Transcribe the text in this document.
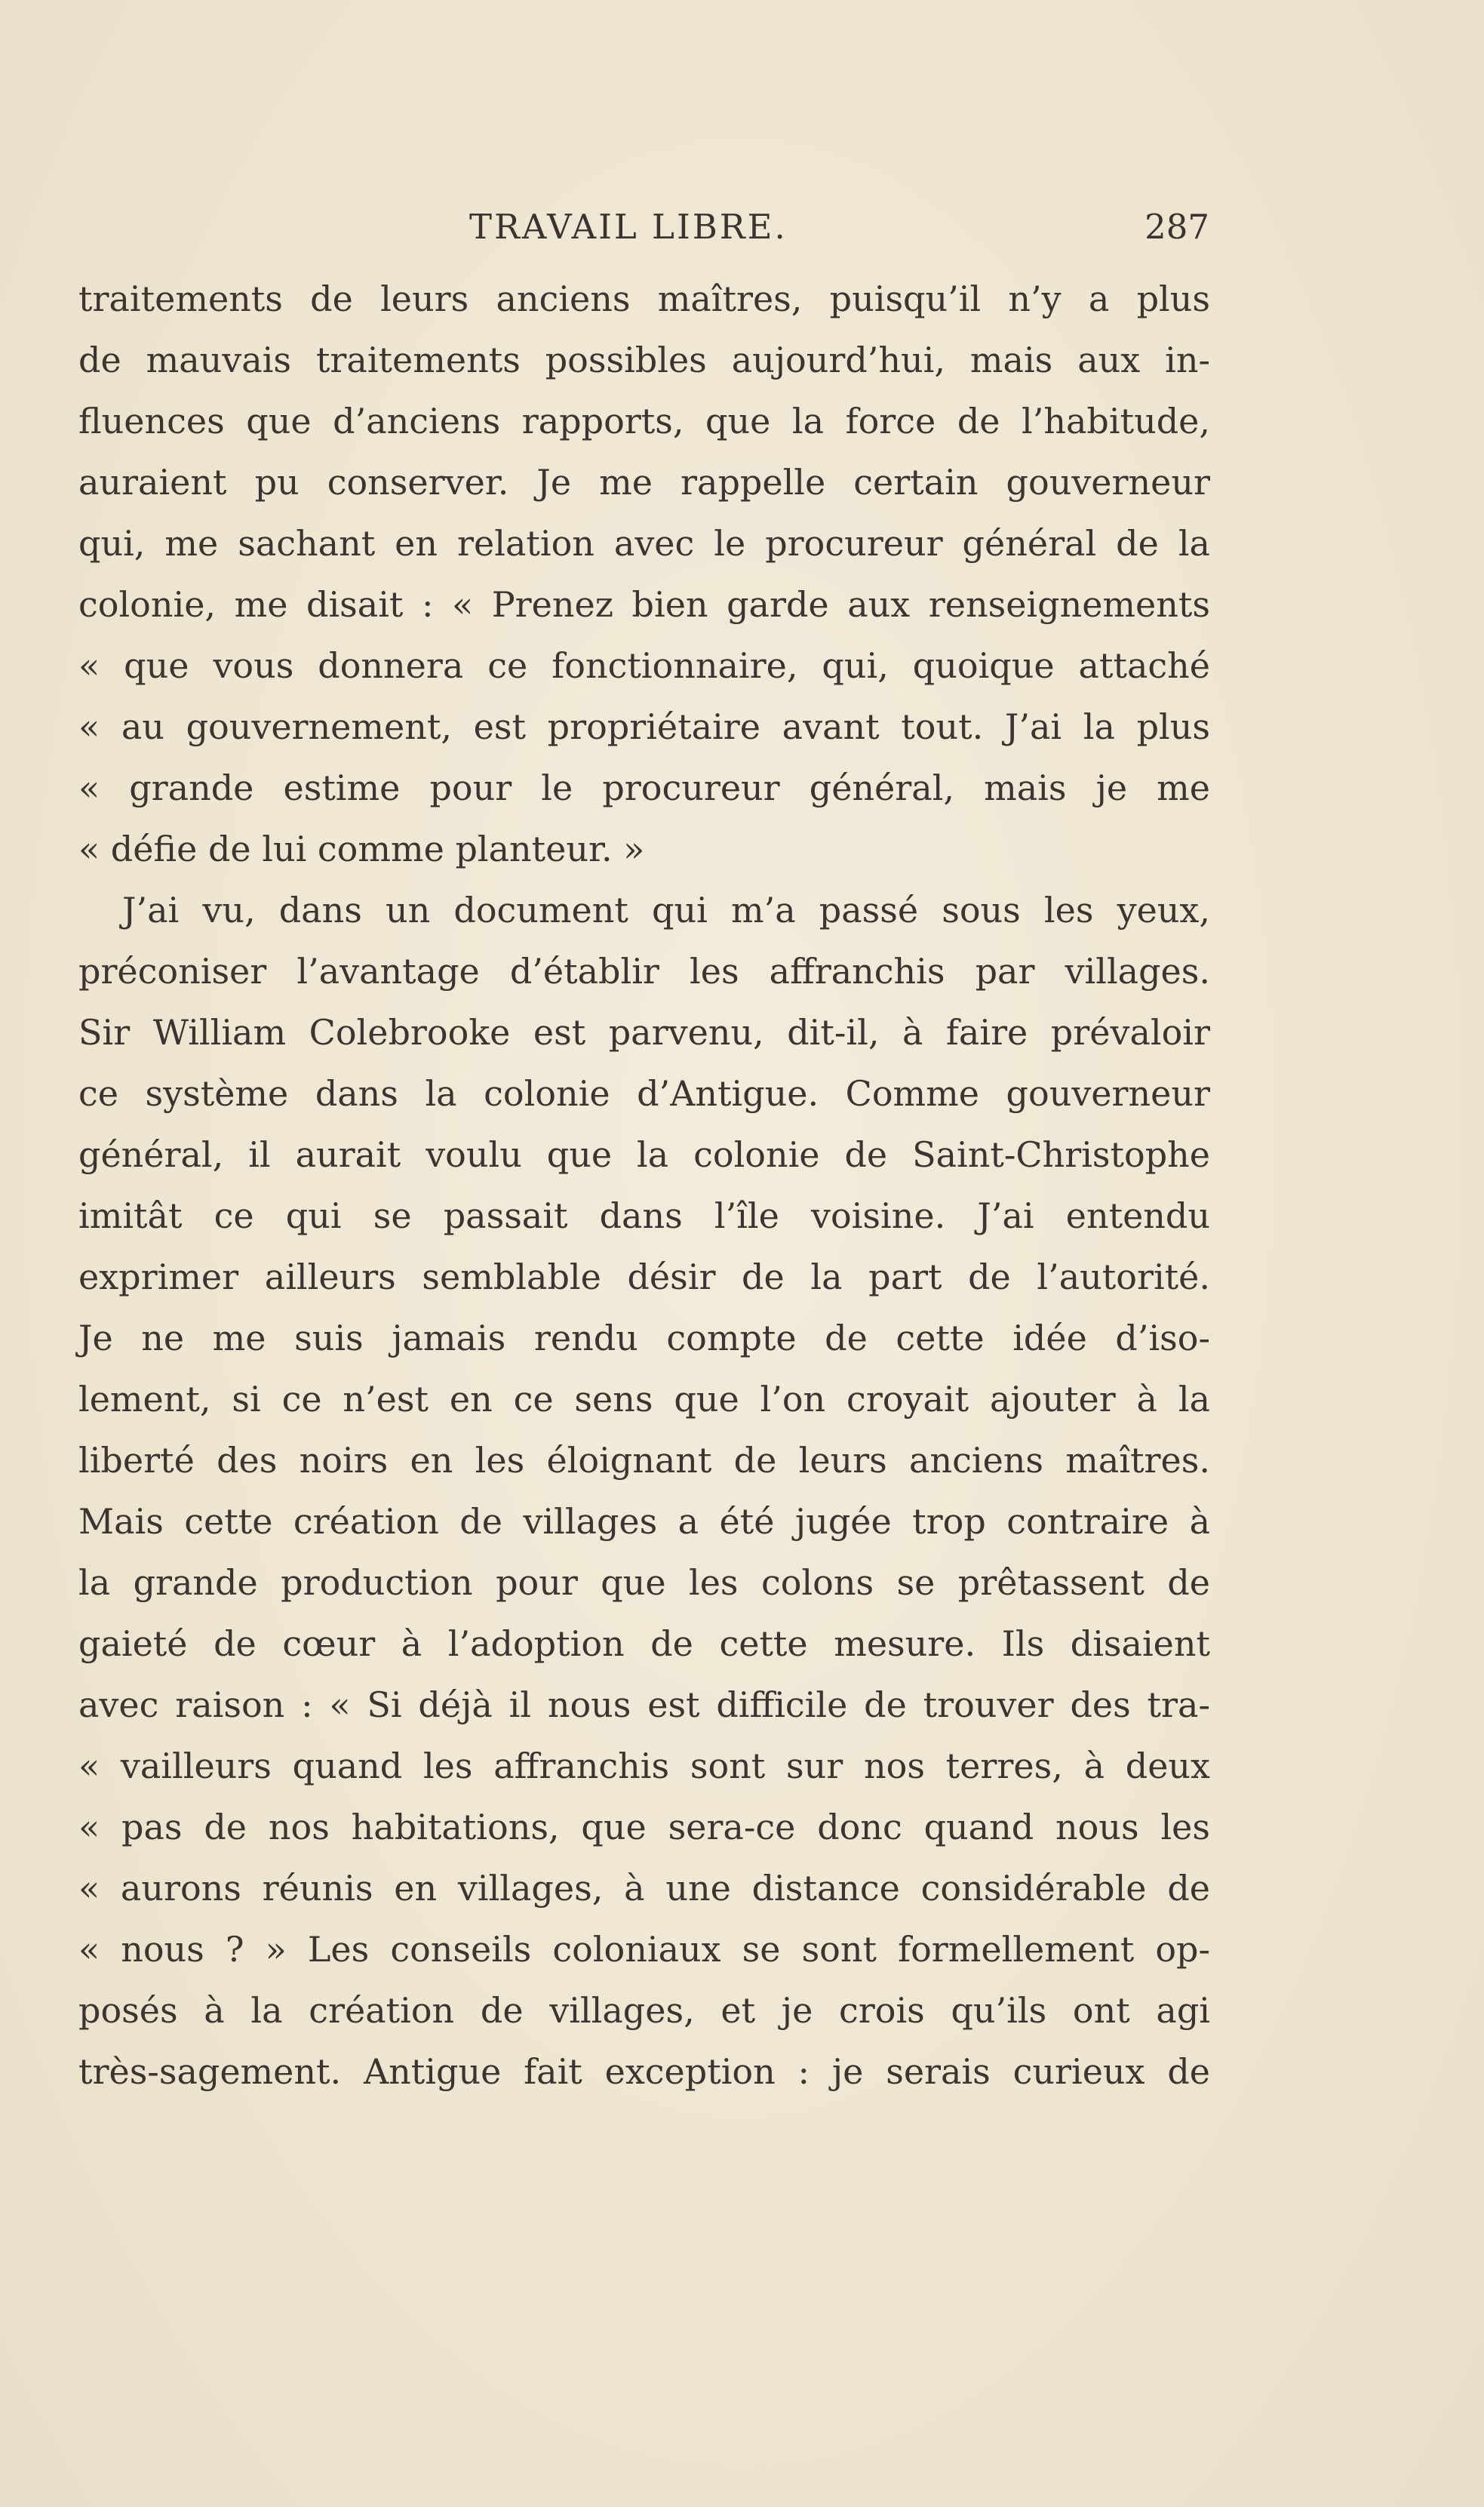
TRAVAIL LIBRE.	287
traitements de leurs anciens maîtres, puisqu’il n’y a plus
de mauvais traitements possibles aujourd’hui, mais aux in-
fluences que d’anciens rapports, que la force de l’habitude,
auraient pu conserver. Je me rappelle certain gouverneur
qui, me sachant en relation avec le procureur général de la
colonie, me disait : « Prenez bien garde aux renseignements
« que vous donnera ce fonctionnaire, qui, quoique attaché
« au gouvernement, est propriétaire avant tout. J’ai la plus
« grande estime pour le procureur général, mais je me
« défie de lui comme planteur. »
J’ai vu, dans un document qui m’a passé sous les yeux,
préconiser l’avantage d’établir les affranchis par villages.
Sir William Colebrooke est parvenu, dit-il, à faire prévaloir
ce système dans la colonie d’Antigue. Comme gouverneur
général, il aurait voulu que la colonie de Saint-Christophe
imitât ce qui se passait dans l’île voisine. J’ai entendu
exprimer ailleurs semblable désir de la part de l’autorité.
Je ne me suis jamais rendu compte de cette idée d’iso-
lement, si ce n’est en ce sens que l’on croyait ajouter à la
liberté des noirs en les éloignant de leurs anciens maîtres.
Mais cette création de villages a été jugée trop contraire à
la grande production pour que les colons se prêtassent de
gaieté de cœur à l’adoption de cette mesure. Ils disaient
avec raison : « Si déjà il nous est difficile de trouver des tra-
« vailleurs quand les affranchis sont sur nos terres, à deux
« pas de nos habitations, que sera-ce donc quand nous les
« aurons réunis en villages, à une distance considérable de
« nous ? » Les conseils coloniaux se sont formellement op-
posés à la création de villages, et je crois qu’ils ont agi
très-sagement. Antigue fait exception : je serais curieux de
